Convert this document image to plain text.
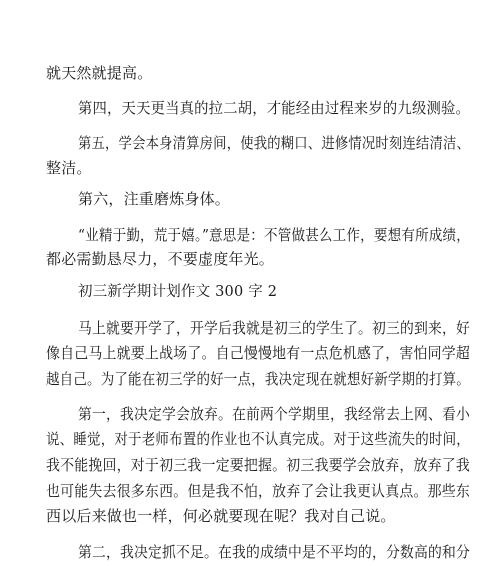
就天然就提高。
第四，天天更当真的拉二胡，才能经由过程来岁的九级测验。
第五，学会本身清算房间，使我的糊口、进修情况时刻连结清洁、
整洁。
第六，注重磨炼身体。
“业精于勤，荒于嬉。”意思是：不管做甚么工作，要想有所成绩，
都必需勤恳尽力，不要虚度年光。
初三新学期计划作文 300 字 2
马上就要开学了，开学后我就是初三的学生了。初三的到来，好
像自己马上就要上战场了。自己慢慢地有一点危机感了，害怕同学超
越自己。为了能在初三学的好一点，我决定现在就想好新学期的打算。
第一，我决定学会放弃。在前两个学期里，我经常去上网、看小
说、睡觉，对于老师布置的作业也不认真完成。对于这些流失的时间，
我不能挽回，对于初三我一定要把握。初三我要学会放弃，放弃了我
也可能失去很多东西。但是我不怕，放弃了会让我更认真点。那些东
西以后来做也一样，何必就要现在呢？我对自己说。
第二，我决定抓不足。在我的成绩中是不平均的，分数高的和分
